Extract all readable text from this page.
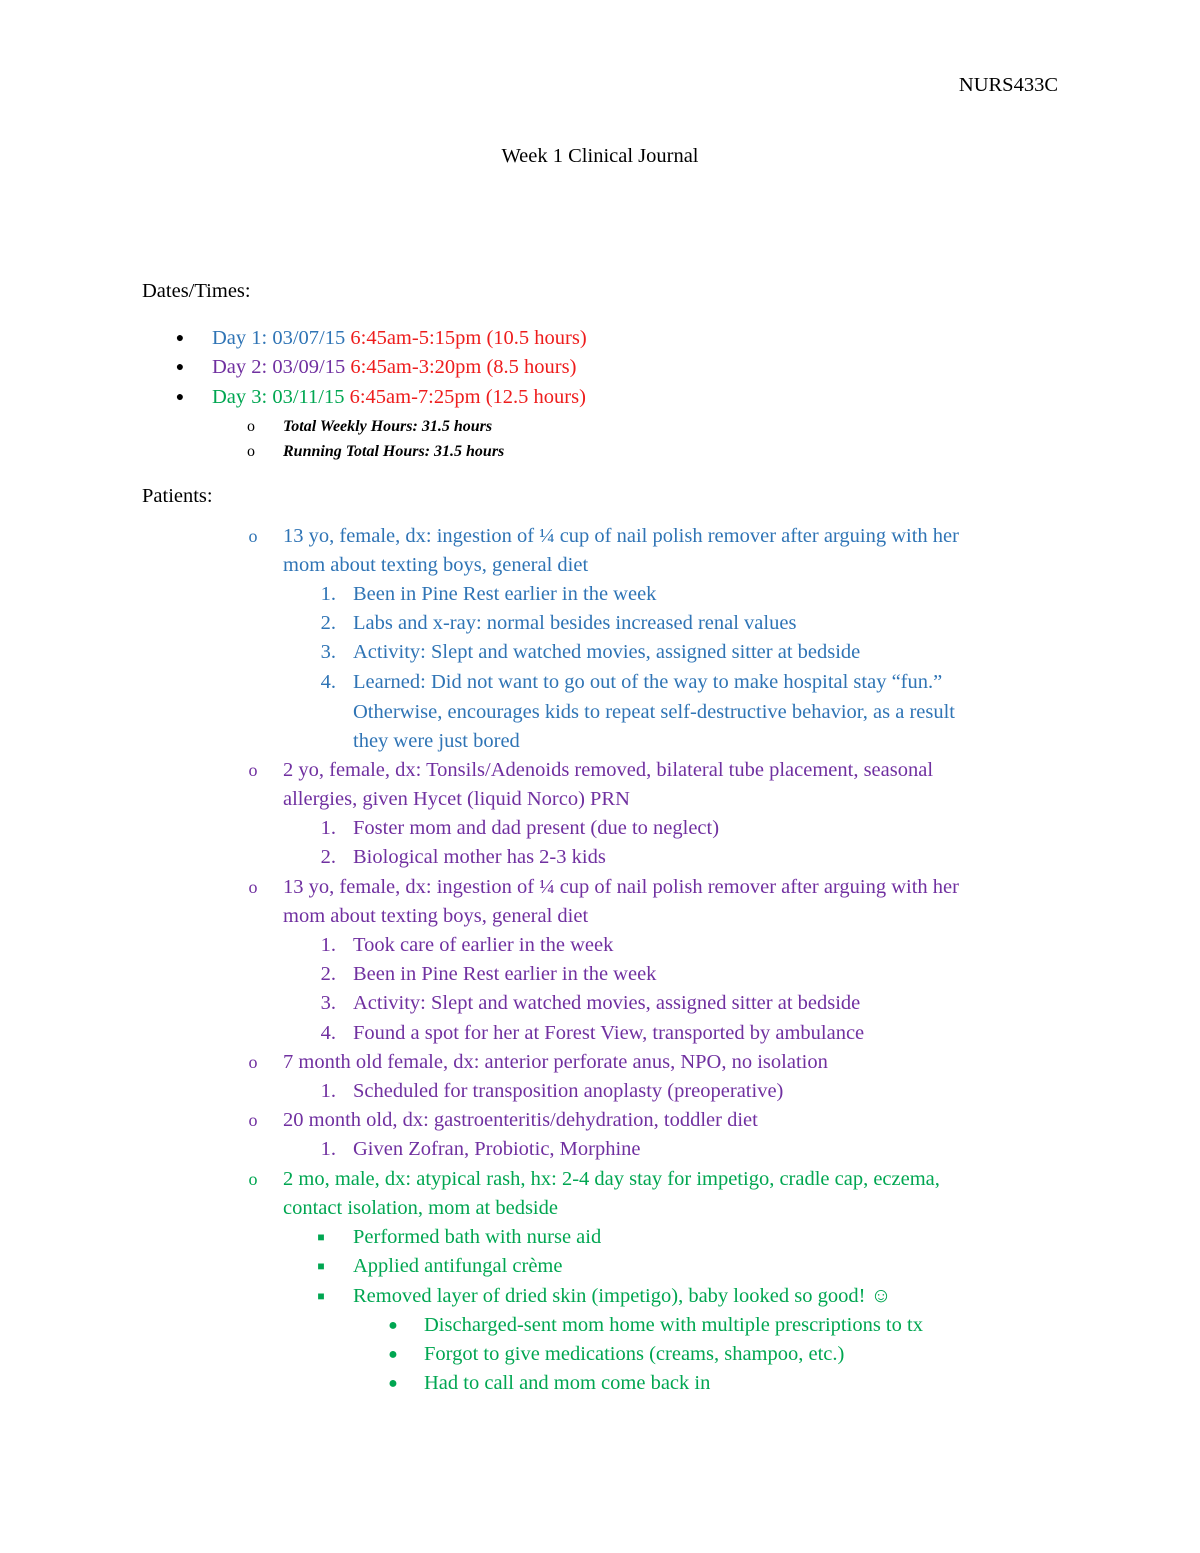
NURS433C
Week 1 Clinical Journal
Dates/Times:
● Day 1: 03/07/15 6:45am-5:15pm (10.5 hours)
● Day 2: 03/09/15 6:45am-3:20pm (8.5 hours)
● Day 3: 03/11/15 6:45am-7:25pm (12.5 hours)
o Total Weekly Hours: 31.5 hours
o Running Total Hours: 31.5 hours
Patients:
o 13 yo, female, dx: ingestion of ¼ cup of nail polish remover after arguing with her
mom about texting boys, general diet
1. Been in Pine Rest earlier in the week
2. Labs and x-ray: normal besides increased renal values
3. Activity: Slept and watched movies, assigned sitter at bedside
4. Learned: Did not want to go out of the way to make hospital stay “fun.”
Otherwise, encourages kids to repeat self-destructive behavior, as a result
they were just bored
o 2 yo, female, dx: Tonsils/Adenoids removed, bilateral tube placement, seasonal
allergies, given Hycet (liquid Norco) PRN
1. Foster mom and dad present (due to neglect)
2. Biological mother has 2-3 kids
o 13 yo, female, dx: ingestion of ¼ cup of nail polish remover after arguing with her
mom about texting boys, general diet
1. Took care of earlier in the week
2. Been in Pine Rest earlier in the week
3. Activity: Slept and watched movies, assigned sitter at bedside
4. Found a spot for her at Forest View, transported by ambulance
o 7 month old female, dx: anterior perforate anus, NPO, no isolation
1. Scheduled for transposition anoplasty (preoperative)
o 20 month old, dx: gastroenteritis/dehydration, toddler diet
1. Given Zofran, Probiotic, Morphine
o 2 mo, male, dx: atypical rash, hx: 2-4 day stay for impetigo, cradle cap, eczema,
contact isolation, mom at bedside
■ Performed bath with nurse aid
■ Applied antifungal crème
■ Removed layer of dried skin (impetigo), baby looked so good! ☺
● Discharged-sent mom home with multiple prescriptions to tx
● Forgot to give medications (creams, shampoo, etc.)
● Had to call and mom come back in
